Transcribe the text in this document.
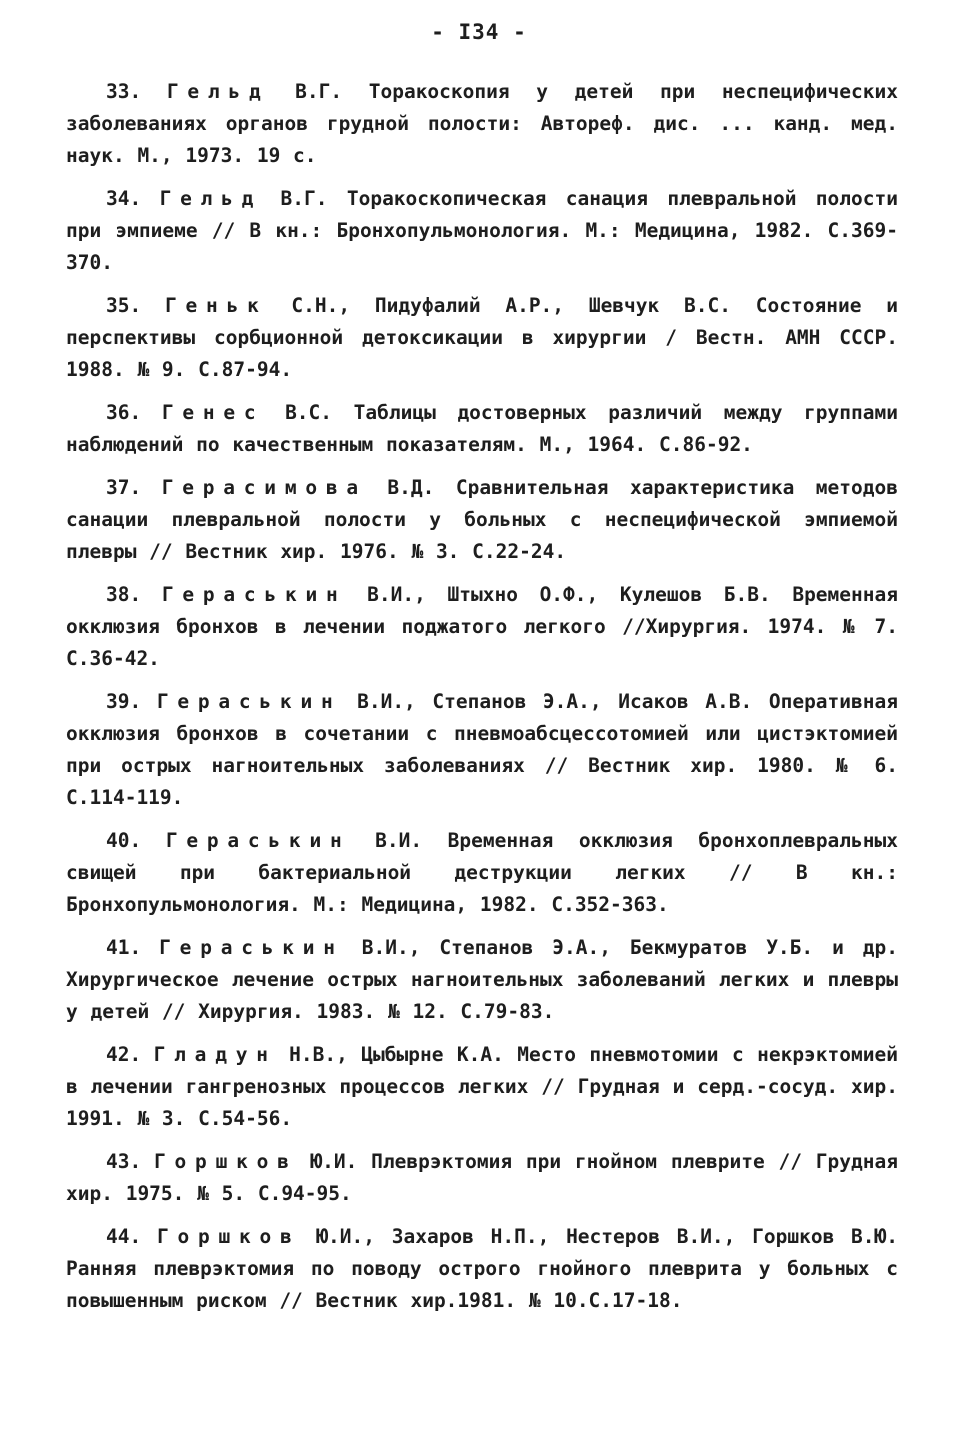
- I34 -
33. Гельд В.Г. Торакоскопия у детей при неспецифических заболеваниях органов грудной полости: Автореф. дис. ... канд. мед. наук. М., 1973. 19 с.
34. Гельд В.Г. Торакоскопическая санация плевральной полости при эмпиеме // В кн.: Бронхопульмонология. М.: Медицина, 1982. С.369-370.
35. Геньк С.Н., Пидуфалий А.Р., Шевчук В.С. Состояние и перспективы сорбционной детоксикации в хирургии / Вестн. АМН СССР. 1988. № 9. С.87-94.
36. Генес В.С. Таблицы достоверных различий между группами наблюдений по качественным показателям. М., 1964. С.86-92.
37. Герасимова В.Д. Сравнительная характеристика методов санации плевральной полости у больных с неспецифической эмпиемой плевры // Вестник хир. 1976. № 3. С.22-24.
38. Гераськин В.И., Штыхно О.Ф., Кулешов Б.В. Временная окклюзия бронхов в лечении поджатого легкого //Хирургия. 1974. № 7. С.36-42.
39. Гераськин В.И., Степанов Э.А., Исаков А.В. Оперативная окклюзия бронхов в сочетании с пневмоабсцессотомией или цистэктомией при острых нагноительных заболеваниях // Вестник хир. 1980. № 6. С.114-119.
40. Гераськин В.И. Временная окклюзия бронхоплевральных свищей при бактериальной деструкции легких // В кн.: Бронхопульмонология. М.: Медицина, 1982. С.352-363.
41. Гераськин В.И., Степанов Э.А., Бекмуратов У.Б. и др. Хирургическое лечение острых нагноительных заболеваний легких и плевры у детей // Хирургия. 1983. № 12. С.79-83.
42. Гладун Н.В., Цыбырне К.А. Место пневмотомии с некрэктомией в лечении гангренозных процессов легких // Грудная и серд.-сосуд. хир. 1991. № 3. С.54-56.
43. Горшков Ю.И. Плеврэктомия при гнойном плеврите // Грудная хир. 1975. № 5. С.94-95.
44. Горшков Ю.И., Захаров Н.П., Нестеров В.И., Горшков В.Ю. Ранняя плеврэктомия по поводу острого гнойного плеврита у больных с повышенным риском // Вестник хир.1981. № 10.С.17-18.
